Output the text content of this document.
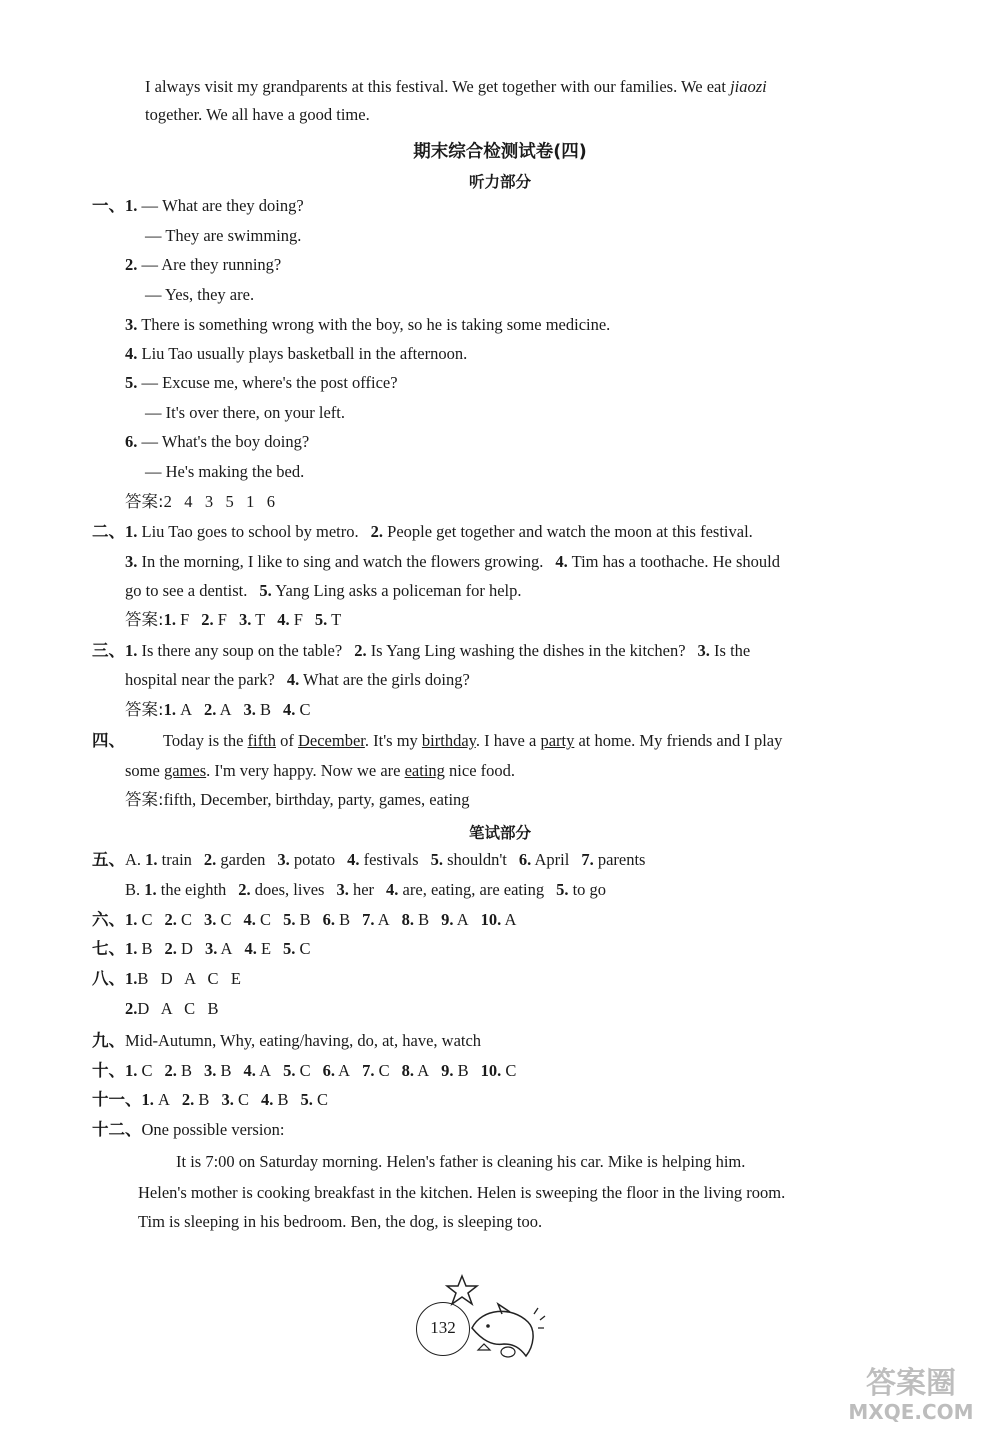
I always visit my grandparents at this festival. We get together with our families. We eat jiaozi
together. We all have a good time.
期末综合检测试卷(四)
听力部分
一、1. — What are they doing?
— They are swimming.
2. — Are they running?
— Yes, they are.
3. There is something wrong with the boy, so he is taking some medicine.
4. Liu Tao usually plays basketball in the afternoon.
5. — Excuse me, where's the post office?
— It's over there, on your left.
6. — What's the boy doing?
— He's making the bed.
答案:2   4   3   5   1   6
二、1. Liu Tao goes to school by metro. 2. People get together and watch the moon at this festival.
3. In the morning, I like to sing and watch the flowers growing. 4. Tim has a toothache. He should
go to see a dentist. 5. Yang Ling asks a policeman for help.
答案:1. F 2. F 3. T 4. F 5. T
三、1. Is there any soup on the table? 2. Is Yang Ling washing the dishes in the kitchen? 3. Is the
hospital near the park? 4. What are the girls doing?
答案:1. A 2. A 3. B 4. C
四、 Today is the fifth of December. It's my birthday. I have a party at home. My friends and I play
some games. I'm very happy. Now we are eating nice food.
答案:fifth, December, birthday, party, games, eating
笔试部分
五、A. 1. train 2. garden 3. potato 4. festivals 5. shouldn't 6. April 7. parents
B. 1. the eighth 2. does, lives 3. her 4. are, eating, are eating 5. to go
六、1. C 2. C 3. C 4. C 5. B 6. B 7. A 8. B 9. A 10. A
七、1. B 2. D 3. A 4. E 5. C
八、1.B   D   A   C   E
2.D   A   C   B
九、Mid-Autumn, Why, eating/having, do, at, have, watch
十、1. C 2. B 3. B 4. A 5. C 6. A 7. C 8. A 9. B 10. C
十一、1. A 2. B 3. C 4. B 5. C
十二、One possible version:
It is 7:00 on Saturday morning. Helen's father is cleaning his car. Mike is helping him.
Helen's mother is cooking breakfast in the kitchen. Helen is sweeping the floor in the living room.
Tim is sleeping in his bedroom. Ben, the dog, is sleeping too.
132
答案圈
MXQE.COM
